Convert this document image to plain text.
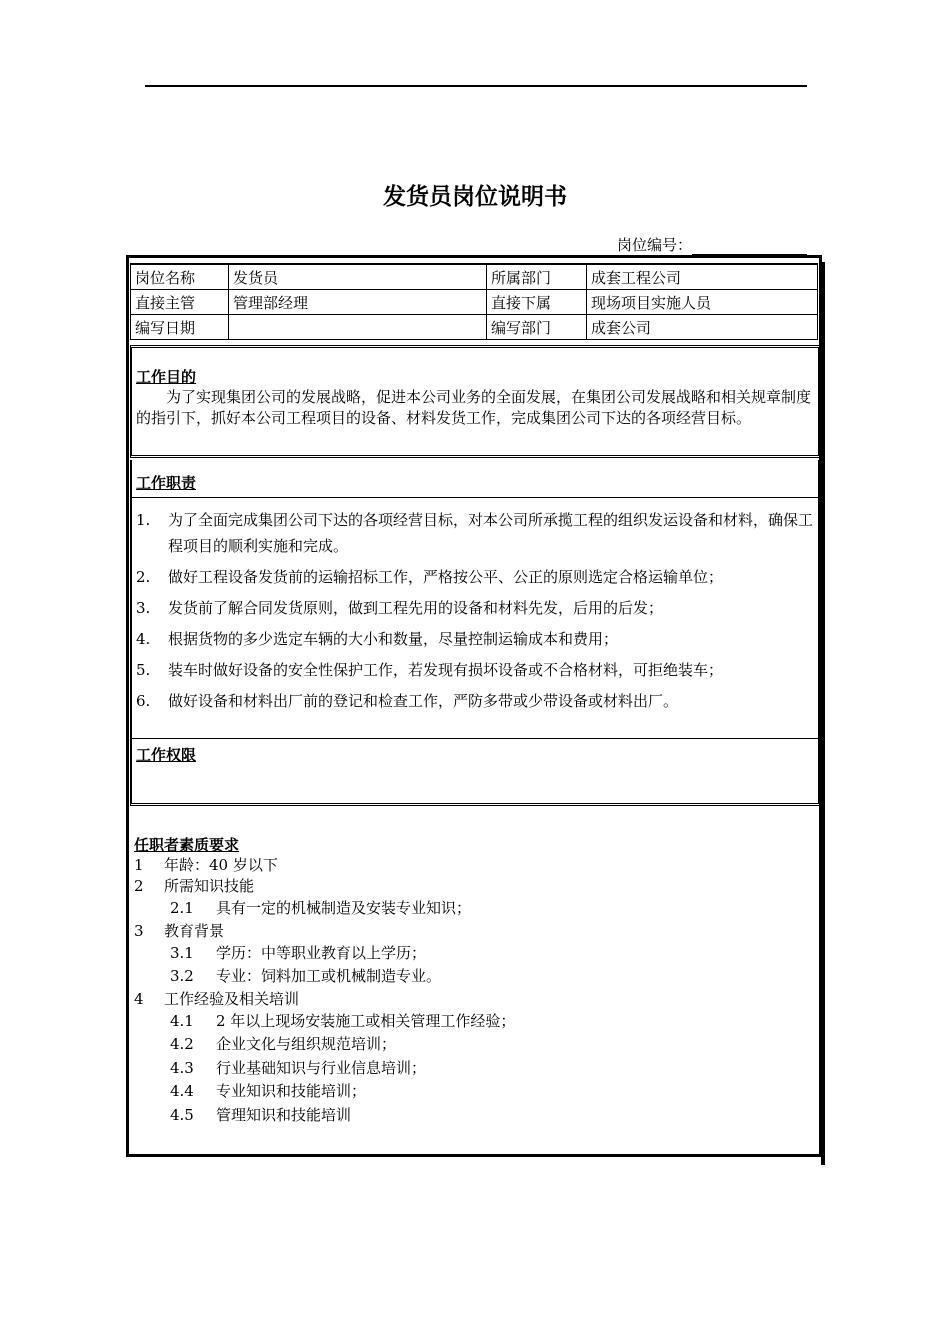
发货员岗位说明书
岗位编号：
岗位名称	发货员	所属部门	成套工程公司
直接主管	管理部经理	直接下属	现场项目实施人员
编写日期		编写部门	成套公司
工作目的

为了实现集团公司的发展战略，促进本公司业务的全面发展，在集团公司发展战略和相关规章制度的指引下，抓好本公司工程项目的设备、材料发货工作，完成集团公司下达的各项经营目标。

工作职责
1. 为了全面完成集团公司下达的各项经营目标，对本公司所承揽工程的组织发运设备和材料，确保工程项目的顺利实施和完成。
2. 做好工程设备发货前的运输招标工作，严格按公平、公正的原则选定合格运输单位；
3. 发货前了解合同发货原则，做到工程先用的设备和材料先发，后用的后发；
4. 根据货物的多少选定车辆的大小和数量，尽量控制运输成本和费用；
5. 装车时做好设备的安全性保护工作，若发现有损坏设备或不合格材料，可拒绝装车；
6. 做好设备和材料出厂前的登记和检查工作，严防多带或少带设备或材料出厂。
工作权限
任职者素质要求
1 年龄：40 岁以下
2 所需知识技能
2.1 具有一定的机械制造及安装专业知识；
3 教育背景
3.1 学历：中等职业教育以上学历；
3.2 专业：饲料加工或机械制造专业。
4 工作经验及相关培训
4.1 2 年以上现场安装施工或相关管理工作经验；
4.2 企业文化与组织规范培训；
4.3 行业基础知识与行业信息培训；
4.4 专业知识和技能培训；
4.5 管理知识和技能培训
